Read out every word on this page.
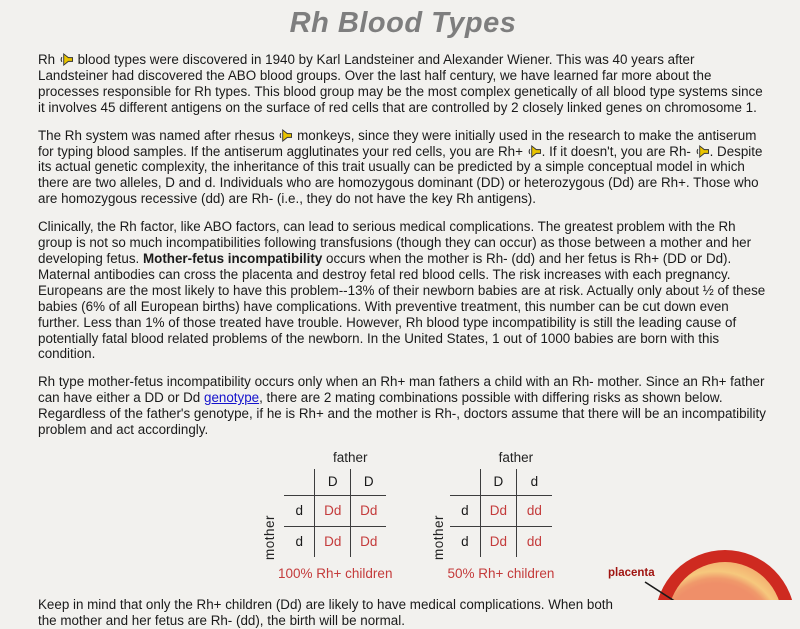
Rh Blood Types

Rh blood types were discovered in 1940 by Karl Landsteiner and Alexander Wiener. This was 40 years after Landsteiner had discovered the ABO blood groups. Over the last half century, we have learned far more about the processes responsible for Rh types. This blood group may be the most complex genetically of all blood type systems since it involves 45 different antigens on the surface of red cells that are controlled by 2 closely linked genes on chromosome 1.

The Rh system was named after rhesus monkeys, since they were initially used in the research to make the antiserum for typing blood samples. If the antiserum agglutinates your red cells, you are Rh+ . If it doesn't, you are Rh- . Despite its actual genetic complexity, the inheritance of this trait usually can be predicted by a simple conceptual model in which there are two alleles, D and d. Individuals who are homozygous dominant (DD) or heterozygous (Dd) are Rh+. Those who are homozygous recessive (dd) are Rh- (i.e., they do not have the key Rh antigens).

Clinically, the Rh factor, like ABO factors, can lead to serious medical complications. The greatest problem with the Rh group is not so much incompatibilities following transfusions (though they can occur) as those between a mother and her developing fetus. Mother-fetus incompatibility occurs when the mother is Rh- (dd) and her fetus is Rh+ (DD or Dd). Maternal antibodies can cross the placenta and destroy fetal red blood cells. The risk increases with each pregnancy. Europeans are the most likely to have this problem--13% of their newborn babies are at risk. Actually only about ½ of these babies (6% of all European births) have complications. With preventive treatment, this number can be cut down even further. Less than 1% of those treated have trouble. However, Rh blood type incompatibility is still the leading cause of potentially fatal blood related problems of the newborn. In the United States, 1 out of 1000 babies are born with this condition.

Rh type mother-fetus incompatibility occurs only when an Rh+ man fathers a child with an Rh- mother. Since an Rh+ father can have either a DD or Dd genotype, there are 2 mating combinations possible with differing risks as shown below. Regardless of the father's genotype, if he is Rh+ and the mother is Rh-, doctors assume that there will be an incompatibility problem and act accordingly.

mother
father
	D	D
d	Dd	Dd
d	Dd	Dd
100% Rh+ children
mother
father
	D	d
d	Dd	dd
d	Dd	dd
50% Rh+ children

Keep in mind that only the Rh+ children (Dd) are likely to have medical complications. When both the mother and her fetus are Rh- (dd), the birth will be normal.

placenta
